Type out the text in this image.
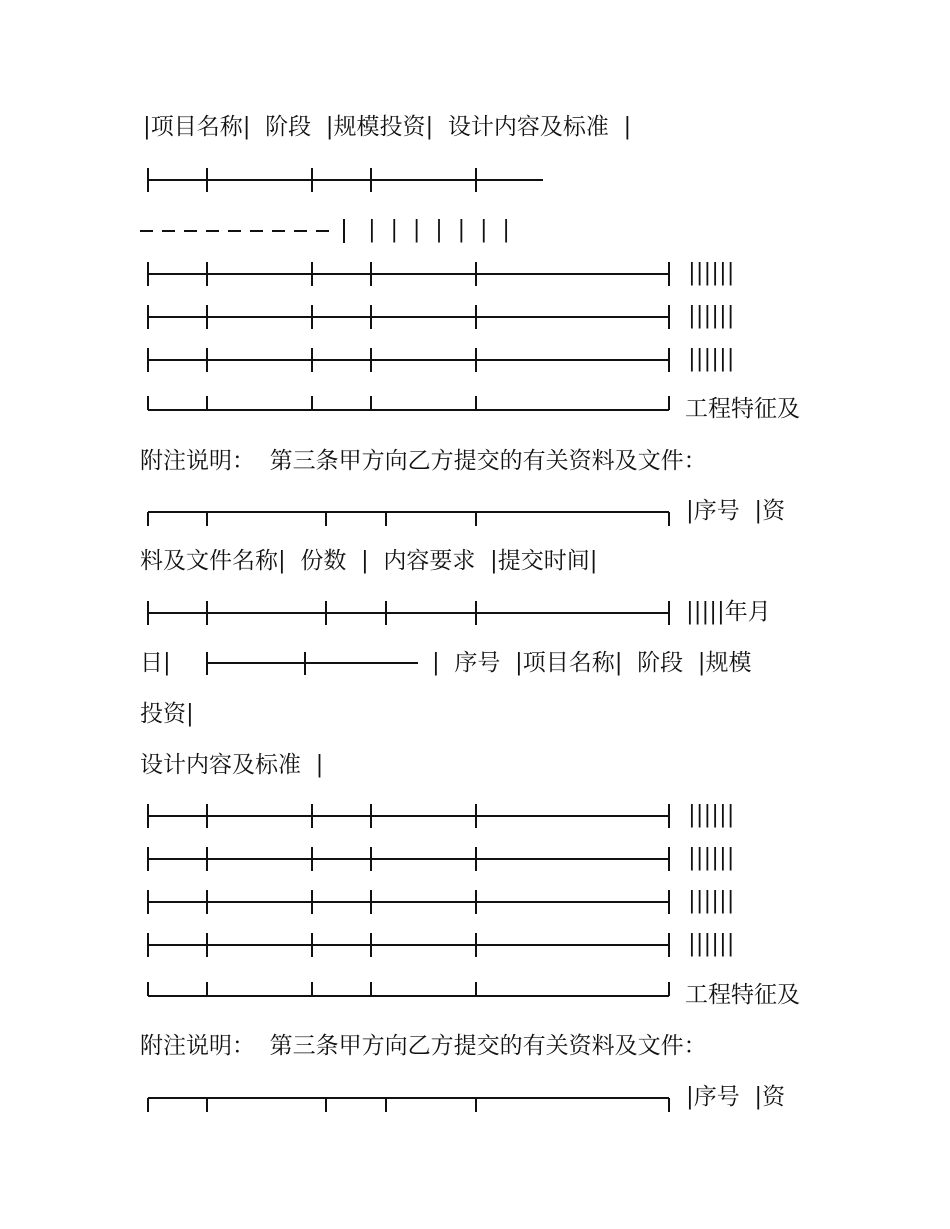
|项目名称|  阶段  |规模投资|  设计内容及标准  |
|  |  |  |  |  |  |
||||||
||||||
||||||
工程特征及
附注说明：  第三条甲方向乙方提交的有关资料及文件：
|序号  |资
料及文件名称|  份数  |  内容要求  |提交时间|
|||||年月
日|	|  序号  |项目名称|  阶段  |规模
投资|
设计内容及标准  |
||||||
||||||
||||||
||||||
工程特征及
附注说明：  第三条甲方向乙方提交的有关资料及文件：
|序号  |资
